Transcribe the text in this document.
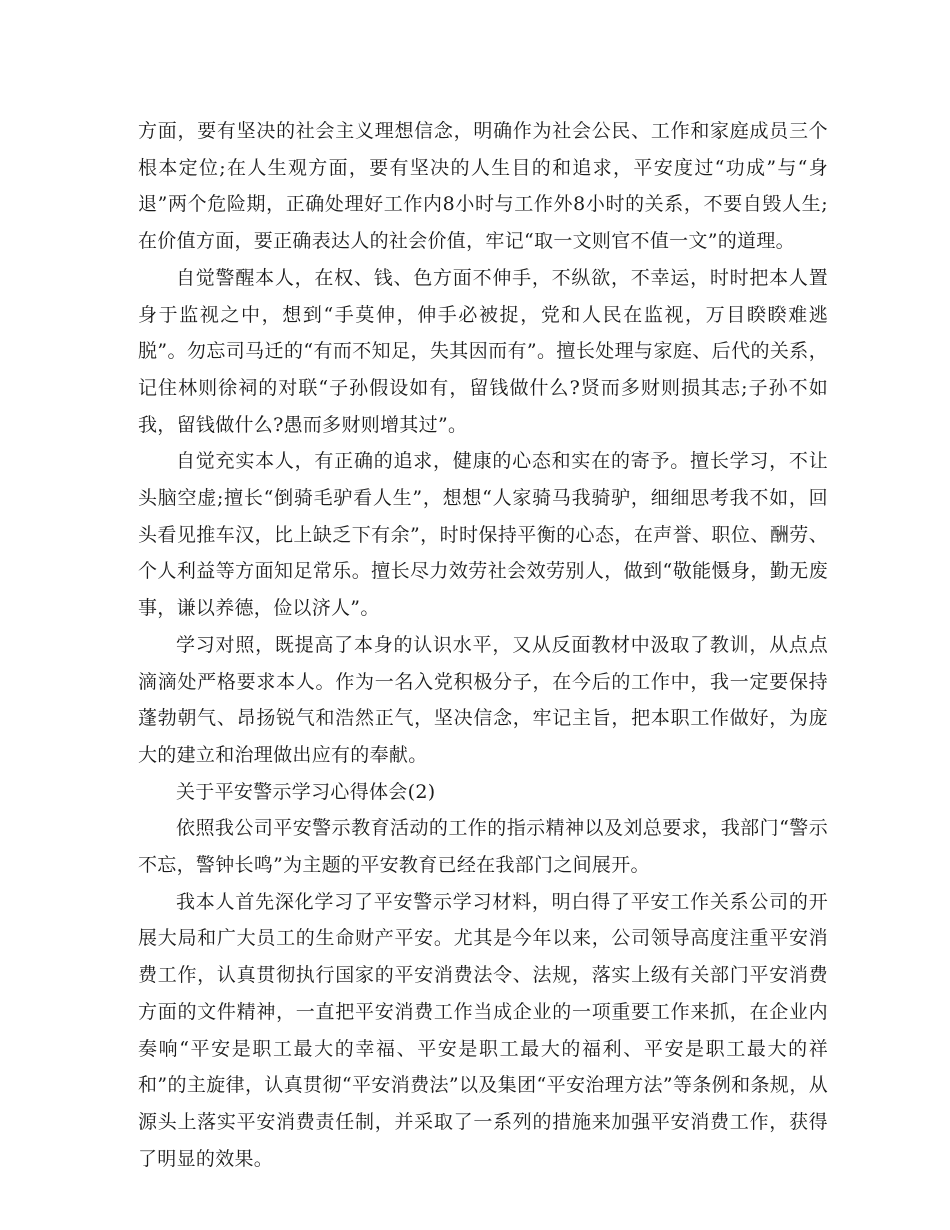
方面，要有坚决的社会主义理想信念，明确作为社会公民、工作和家庭成员三个根本定位;在人生观方面，要有坚决的人生目的和追求，平安度过“功成”与“身退”两个危险期，正确处理好工作内8小时与工作外8小时的关系，不要自毁人生;在价值方面，要正确表达人的社会价值，牢记“取一文则官不值一文”的道理。

自觉警醒本人，在权、钱、色方面不伸手，不纵欲，不幸运，时时把本人置身于监视之中，想到“手莫伸，伸手必被捉，党和人民在监视，万目睽睽难逃脱”。勿忘司马迁的“有而不知足，失其因而有”。擅长处理与家庭、后代的关系，记住林则徐祠的对联“子孙假设如有，留钱做什么?贤而多财则损其志;子孙不如我，留钱做什么?愚而多财则增其过”。

自觉充实本人，有正确的追求，健康的心态和实在的寄予。擅长学习，不让头脑空虚;擅长“倒骑毛驴看人生”，想想“人家骑马我骑驴，细细思考我不如，回头看见推车汉，比上缺乏下有余”，时时保持平衡的心态，在声誉、职位、酬劳、个人利益等方面知足常乐。擅长尽力效劳社会效劳别人，做到“敬能慑身，勤无废事，谦以养德，俭以济人”。

学习对照，既提高了本身的认识水平，又从反面教材中汲取了教训，从点点滴滴处严格要求本人。作为一名入党积极分子，在今后的工作中，我一定要保持蓬勃朝气、昂扬锐气和浩然正气，坚决信念，牢记主旨，把本职工作做好，为庞大的建立和治理做出应有的奉献。

关于平安警示学习心得体会(2)

依照我公司平安警示教育活动的工作的指示精神以及刘总要求，我部门“警示不忘，警钟长鸣”为主题的平安教育已经在我部门之间展开。

我本人首先深化学习了平安警示学习材料，明白得了平安工作关系公司的开展大局和广大员工的生命财产平安。尤其是今年以来，公司领导高度注重平安消费工作，认真贯彻执行国家的平安消费法令、法规，落实上级有关部门平安消费方面的文件精神，一直把平安消费工作当成企业的一项重要工作来抓，在企业内奏响“平安是职工最大的幸福、平安是职工最大的福利、平安是职工最大的祥和”的主旋律，认真贯彻“平安消费法”以及集团“平安治理方法”等条例和条规，从源头上落实平安消费责任制，并采取了一系列的措施来加强平安消费工作，获得了明显的效果。
